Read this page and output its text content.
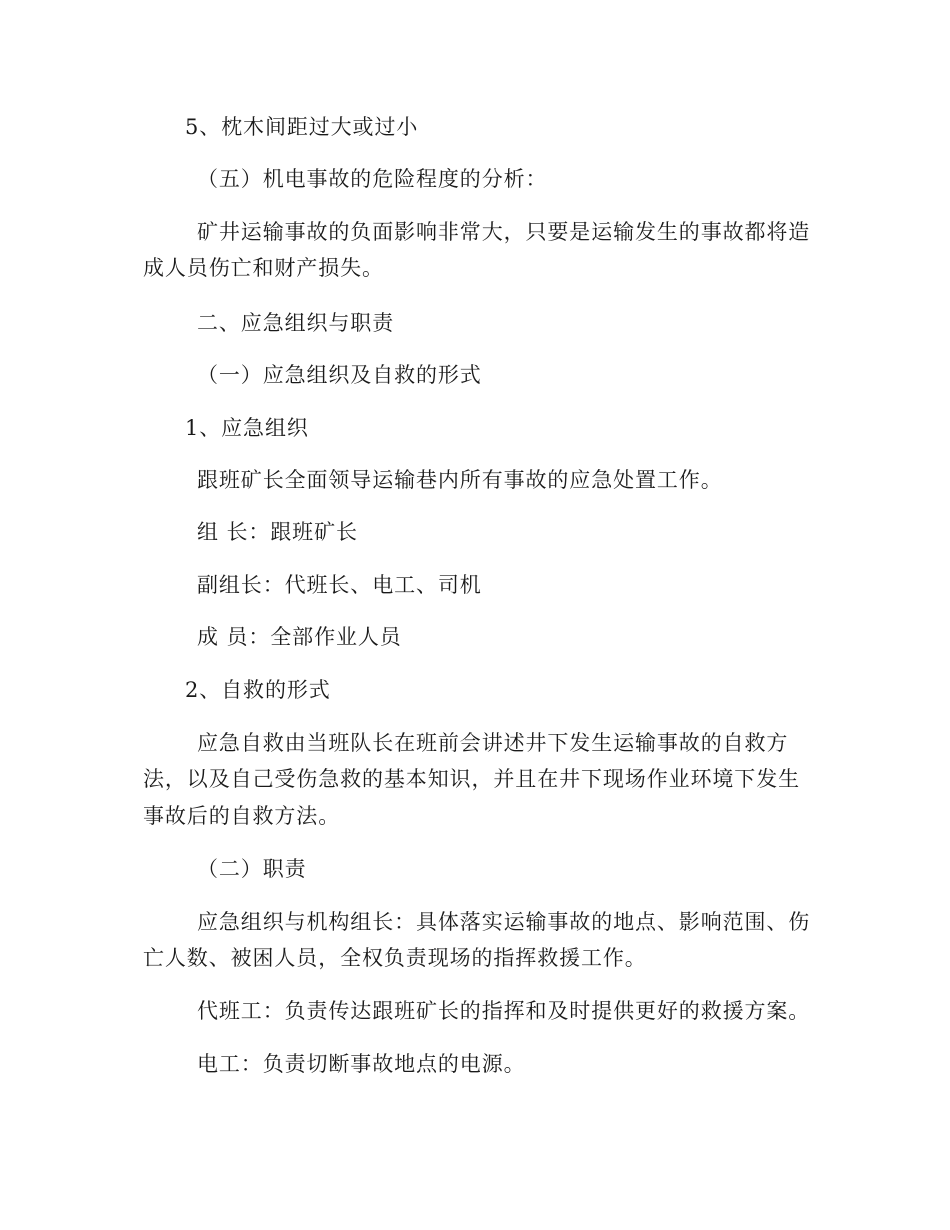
5、枕木间距过大或过小
（五）机电事故的危险程度的分析：
矿井运输事故的负面影响非常大，只要是运输发生的事故都将造
成人员伤亡和财产损失。
二、应急组织与职责
（一）应急组织及自救的形式
1、应急组织
跟班矿长全面领导运输巷内所有事故的应急处置工作。
组 长：跟班矿长
副组长：代班长、电工、司机
成 员：全部作业人员
2、自救的形式
应急自救由当班队长在班前会讲述井下发生运输事故的自救方
法，以及自己受伤急救的基本知识，并且在井下现场作业环境下发生
事故后的自救方法。
（二）职责
应急组织与机构组长：具体落实运输事故的地点、影响范围、伤
亡人数、被困人员，全权负责现场的指挥救援工作。
代班工：负责传达跟班矿长的指挥和及时提供更好的救援方案。
电工：负责切断事故地点的电源。
